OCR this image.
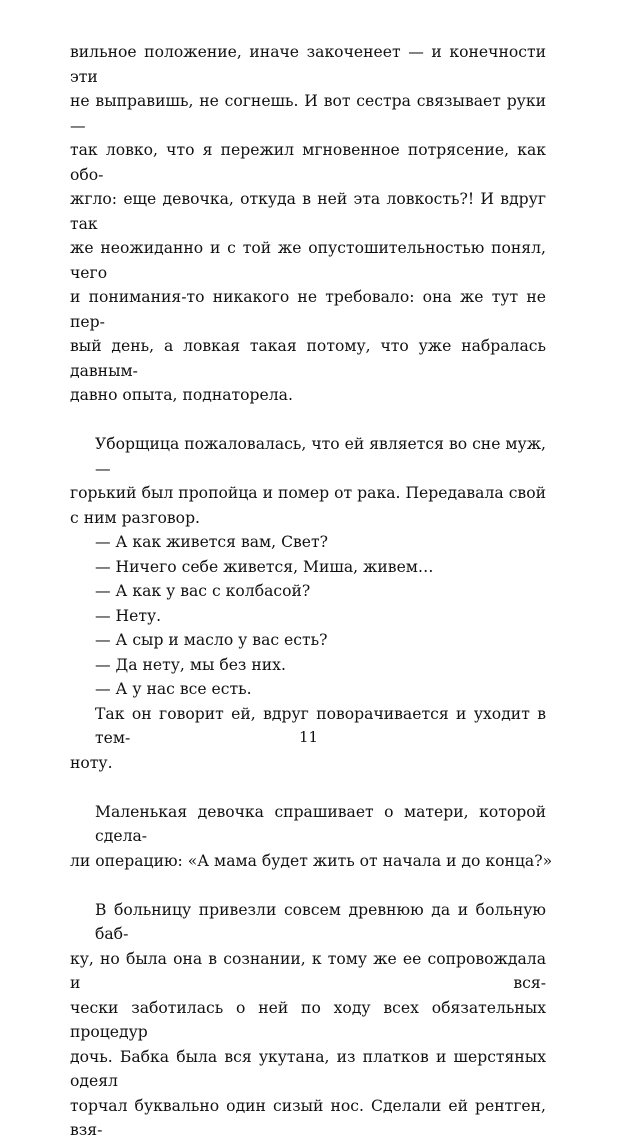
вильное положение, иначе закоченеет — и конечности эти
не выправишь, не согнешь. И вот сестра связывает руки —
так ловко, что я пережил мгновенное потрясение, как обо-
жгло: еще девочка, откуда в ней эта ловкость?! И вдруг так
же неожиданно и с той же опустошительностью понял, чего
и понимания-то никакого не требовало: она же тут не пер-
вый день, а ловкая такая потому, что уже набралась давным-
давно опыта, поднаторела.
Уборщица пожаловалась, что ей является во сне муж, —
горький был пропойца и помер от рака. Передавала свой
с ним разговор.
— А как живется вам, Свет?
— Ничего себе живется, Миша, живем…
— А как у вас с колбасой?
— Нету.
— А сыр и масло у вас есть?
— Да нету, мы без них.
— А у нас все есть.
Так он говорит ей, вдруг поворачивается и уходит в тем-
ноту.
Маленькая девочка спрашивает о матери, которой сдела-
ли операцию: «А мама будет жить от начала и до конца?»
В больницу привезли совсем древнюю да и больную баб-
ку, но была она в сознании, к тому же ее сопровождала и вся-
чески заботилась о ней по ходу всех обязательных процедур
дочь. Бабка была вся укутана, из платков и шерстяных одеял
торчал буквально один сизый нос. Сделали ей рентген, взя-
11
